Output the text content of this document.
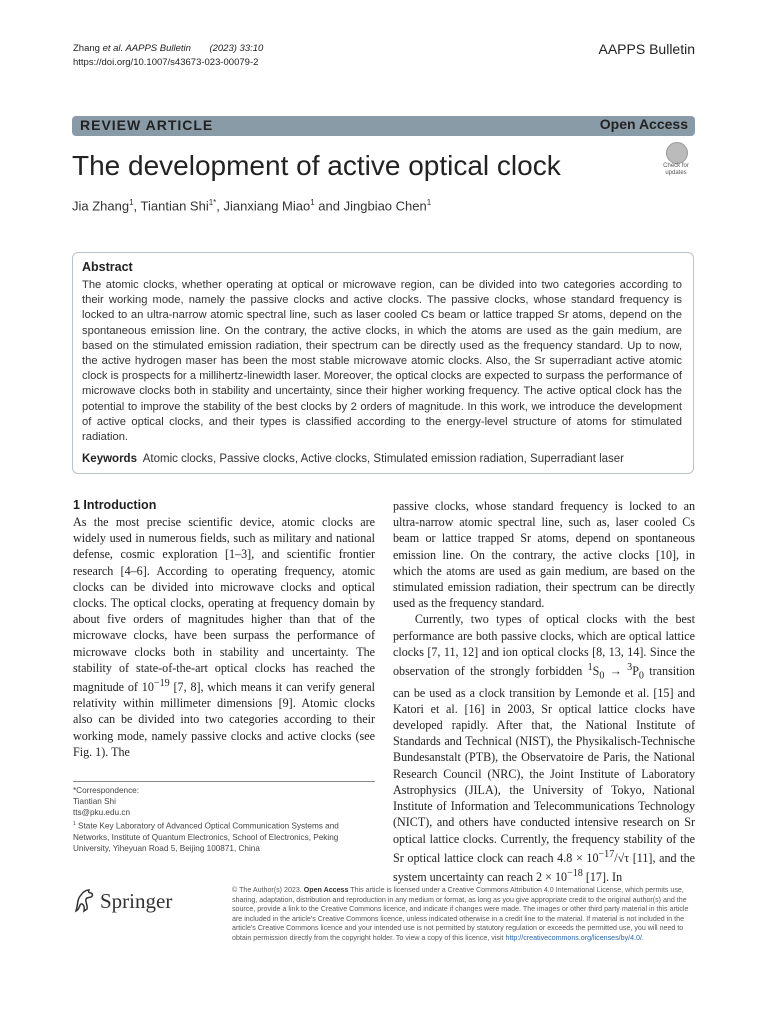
Zhang et al. AAPPS Bulletin (2023) 33:10
https://doi.org/10.1007/s43673-023-00079-2
AAPPS Bulletin
REVIEW ARTICLE	Open Access
The development of active optical clock	Check for updates
Jia Zhang$^1$, Tiantian Shi$^{1*}$, Jianxiang Miao$^1$ and Jingbiao Chen$^1$
Abstract
The atomic clocks, whether operating at optical or microwave region, can be divided into two categories according to their working mode, namely the passive clocks and active clocks. The passive clocks, whose standard frequency is locked to an ultra-narrow atomic spectral line, such as laser cooled Cs beam or lattice trapped Sr atoms, depend on the spontaneous emission line. On the contrary, the active clocks, in which the atoms are used as the gain medium, are based on the stimulated emission radiation, their spectrum can be directly used as the frequency standard. Up to now, the active hydrogen maser has been the most stable microwave atomic clocks. Also, the Sr superradiant active atomic clock is prospects for a millihertz-linewidth laser. Moreover, the optical clocks are expected to surpass the performance of microwave clocks both in stability and uncertainty, since their higher working frequency. The active optical clock has the potential to improve the stability of the best clocks by 2 orders of magnitude. In this work, we introduce the development of active optical clocks, and their types is classified according to the energy-level structure of atoms for stimulated radiation.
Keywords Atomic clocks, Passive clocks, Active clocks, Stimulated emission radiation, Superradiant laser
1 Introduction
As the most precise scientific device, atomic clocks are widely used in numerous fields, such as military and national defense, cosmic exploration [1–3], and scientific frontier research [4–6]. According to operating frequency, atomic clocks can be divided into microwave clocks and optical clocks. The optical clocks, operating at frequency domain by about five orders of magnitudes higher than that of the microwave clocks, have been surpass the performance of microwave clocks both in stability and uncertainty. The stability of state-of-the-art optical clocks has reached the magnitude of $10^{-19}$ [7, 8], which means it can verify general relativity within millimeter dimensions [9]. Atomic clocks also can be divided into two categories according to their working mode, namely passive clocks and active clocks (see Fig. 1). The
passive clocks, whose standard frequency is locked to an ultra-narrow atomic spectral line, such as, laser cooled Cs beam or lattice trapped Sr atoms, depend on spontaneous emission line. On the contrary, the active clocks [10], in which the atoms are used as gain medium, are based on the stimulated emission radiation, their spectrum can be directly used as the frequency standard.
Currently, two types of optical clocks with the best performance are both passive clocks, which are optical lattice clocks [7, 11, 12] and ion optical clocks [8, 13, 14]. Since the observation of the strongly forbidden $^1S_0 \to ^3P_0$ transition can be used as a clock transition by Lemonde et al. [15] and Katori et al. [16] in 2003, Sr optical lattice clocks have developed rapidly. After that, the National Institute of Standards and Technical (NIST), the Physikalisch-Technische Bundesanstalt (PTB), the Observatoire de Paris, the National Research Council (NRC), the Joint Institute of Laboratory Astrophysics (JILA), the University of Tokyo, National Institute of Information and Telecommunications Technology (NICT), and others have conducted intensive research on Sr optical lattice clocks. Currently, the frequency stability of the Sr optical lattice clock can reach $4.8 \times 10^{-17}/√\tau$ [11], and the system uncertainty can reach $2 \times 10^{-18}$ [17]. In
*Correspondence:
Tiantian Shi
tts@pku.edu.cn
$^1$ State Key Laboratory of Advanced Optical Communication Systems and Networks, Institute of Quantum Electronics, School of Electronics, Peking University, Yiheyuan Road 5, Beijing 100871, China
Springer	© The Author(s) 2023. Open Access This article is licensed under a Creative Commons Attribution 4.0 International License, which permits use, sharing, adaptation, distribution and reproduction in any medium or format, as long as you give appropriate credit to the original author(s) and the source, provide a link to the Creative Commons licence, and indicate if changes were made. The images or other third party material in this article are included in the article's Creative Commons licence, unless indicated otherwise in a credit line to the material. If material is not included in the article's Creative Commons licence and your intended use is not permitted by statutory regulation or exceeds the permitted use, you will need to obtain permission directly from the copyright holder. To view a copy of this licence, visit http://creativecommons.org/licenses/by/4.0/.
